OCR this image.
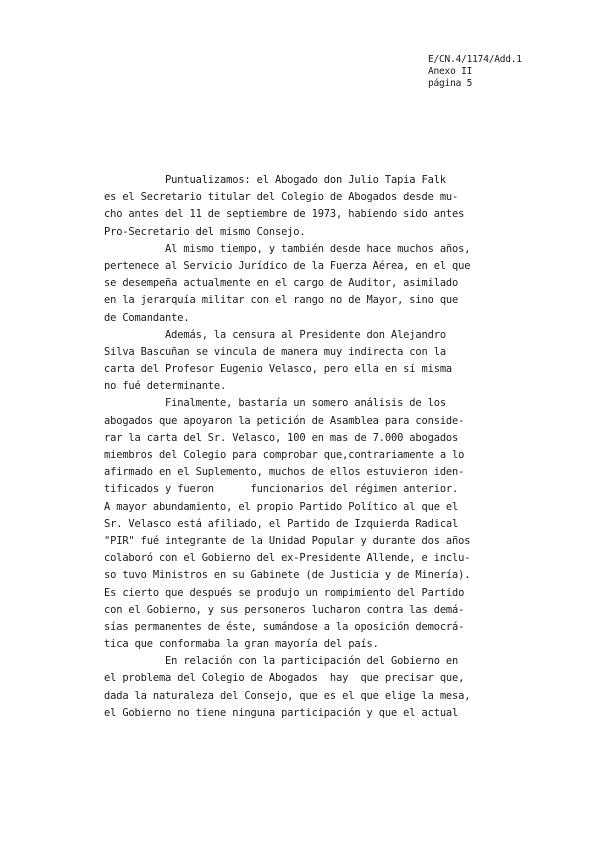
E/CN.4/1174/Add.1
Anexo II
página 5
Puntualizamos: el Abogado don Julio Tapia Falk
es el Secretario titular del Colegio de Abogados desde mu-
cho antes del 11 de septiembre de 1973, habiendo sido antes
Pro-Secretario del mismo Consejo.
Al mismo tiempo, y también desde hace muchos años,
pertenece al Servicio Jurídico de la Fuerza Aérea, en el que
se desempeña actualmente en el cargo de Auditor, asimilado
en la jerarquía militar con el rango no de Mayor, sino que
de Comandante.
Además, la censura al Presidente don Alejandro
Silva Bascuñan se vincula de manera muy indirecta con la
carta del Profesor Eugenio Velasco, pero ella en sí misma
no fué determinante.
Finalmente, bastaría un somero análisis de los
abogados que apoyaron la petición de Asamblea para conside-
rar la carta del Sr. Velasco, 100 en mas de 7.000 abogados
miembros del Colegio para comprobar que,contrariamente a lo
afirmado en el Suplemento, muchos de ellos estuvieron iden-
tificados y fueron      funcionarios del régimen anterior.
A mayor abundamiento, el propio Partido Político al que el
Sr. Velasco está afiliado, el Partido de Izquierda Radical
"PIR" fué integrante de la Unidad Popular y durante dos años
colaboró con el Gobierno del ex-Presidente Allende, e inclu-
so tuvo Ministros en su Gabinete (de Justicia y de Minería).
Es cierto que después se produjo un rompimiento del Partido
con el Gobierno, y sus personeros lucharon contra las demá-
sías permanentes de éste, sumándose a la oposición democrá-
tica que conformaba la gran mayoría del país.
En relación con la participación del Gobierno en
el problema del Colegio de Abogados  hay  que precisar que,
dada la naturaleza del Consejo, que es el que elige la mesa,
el Gobierno no tiene ninguna participación y que el actual
